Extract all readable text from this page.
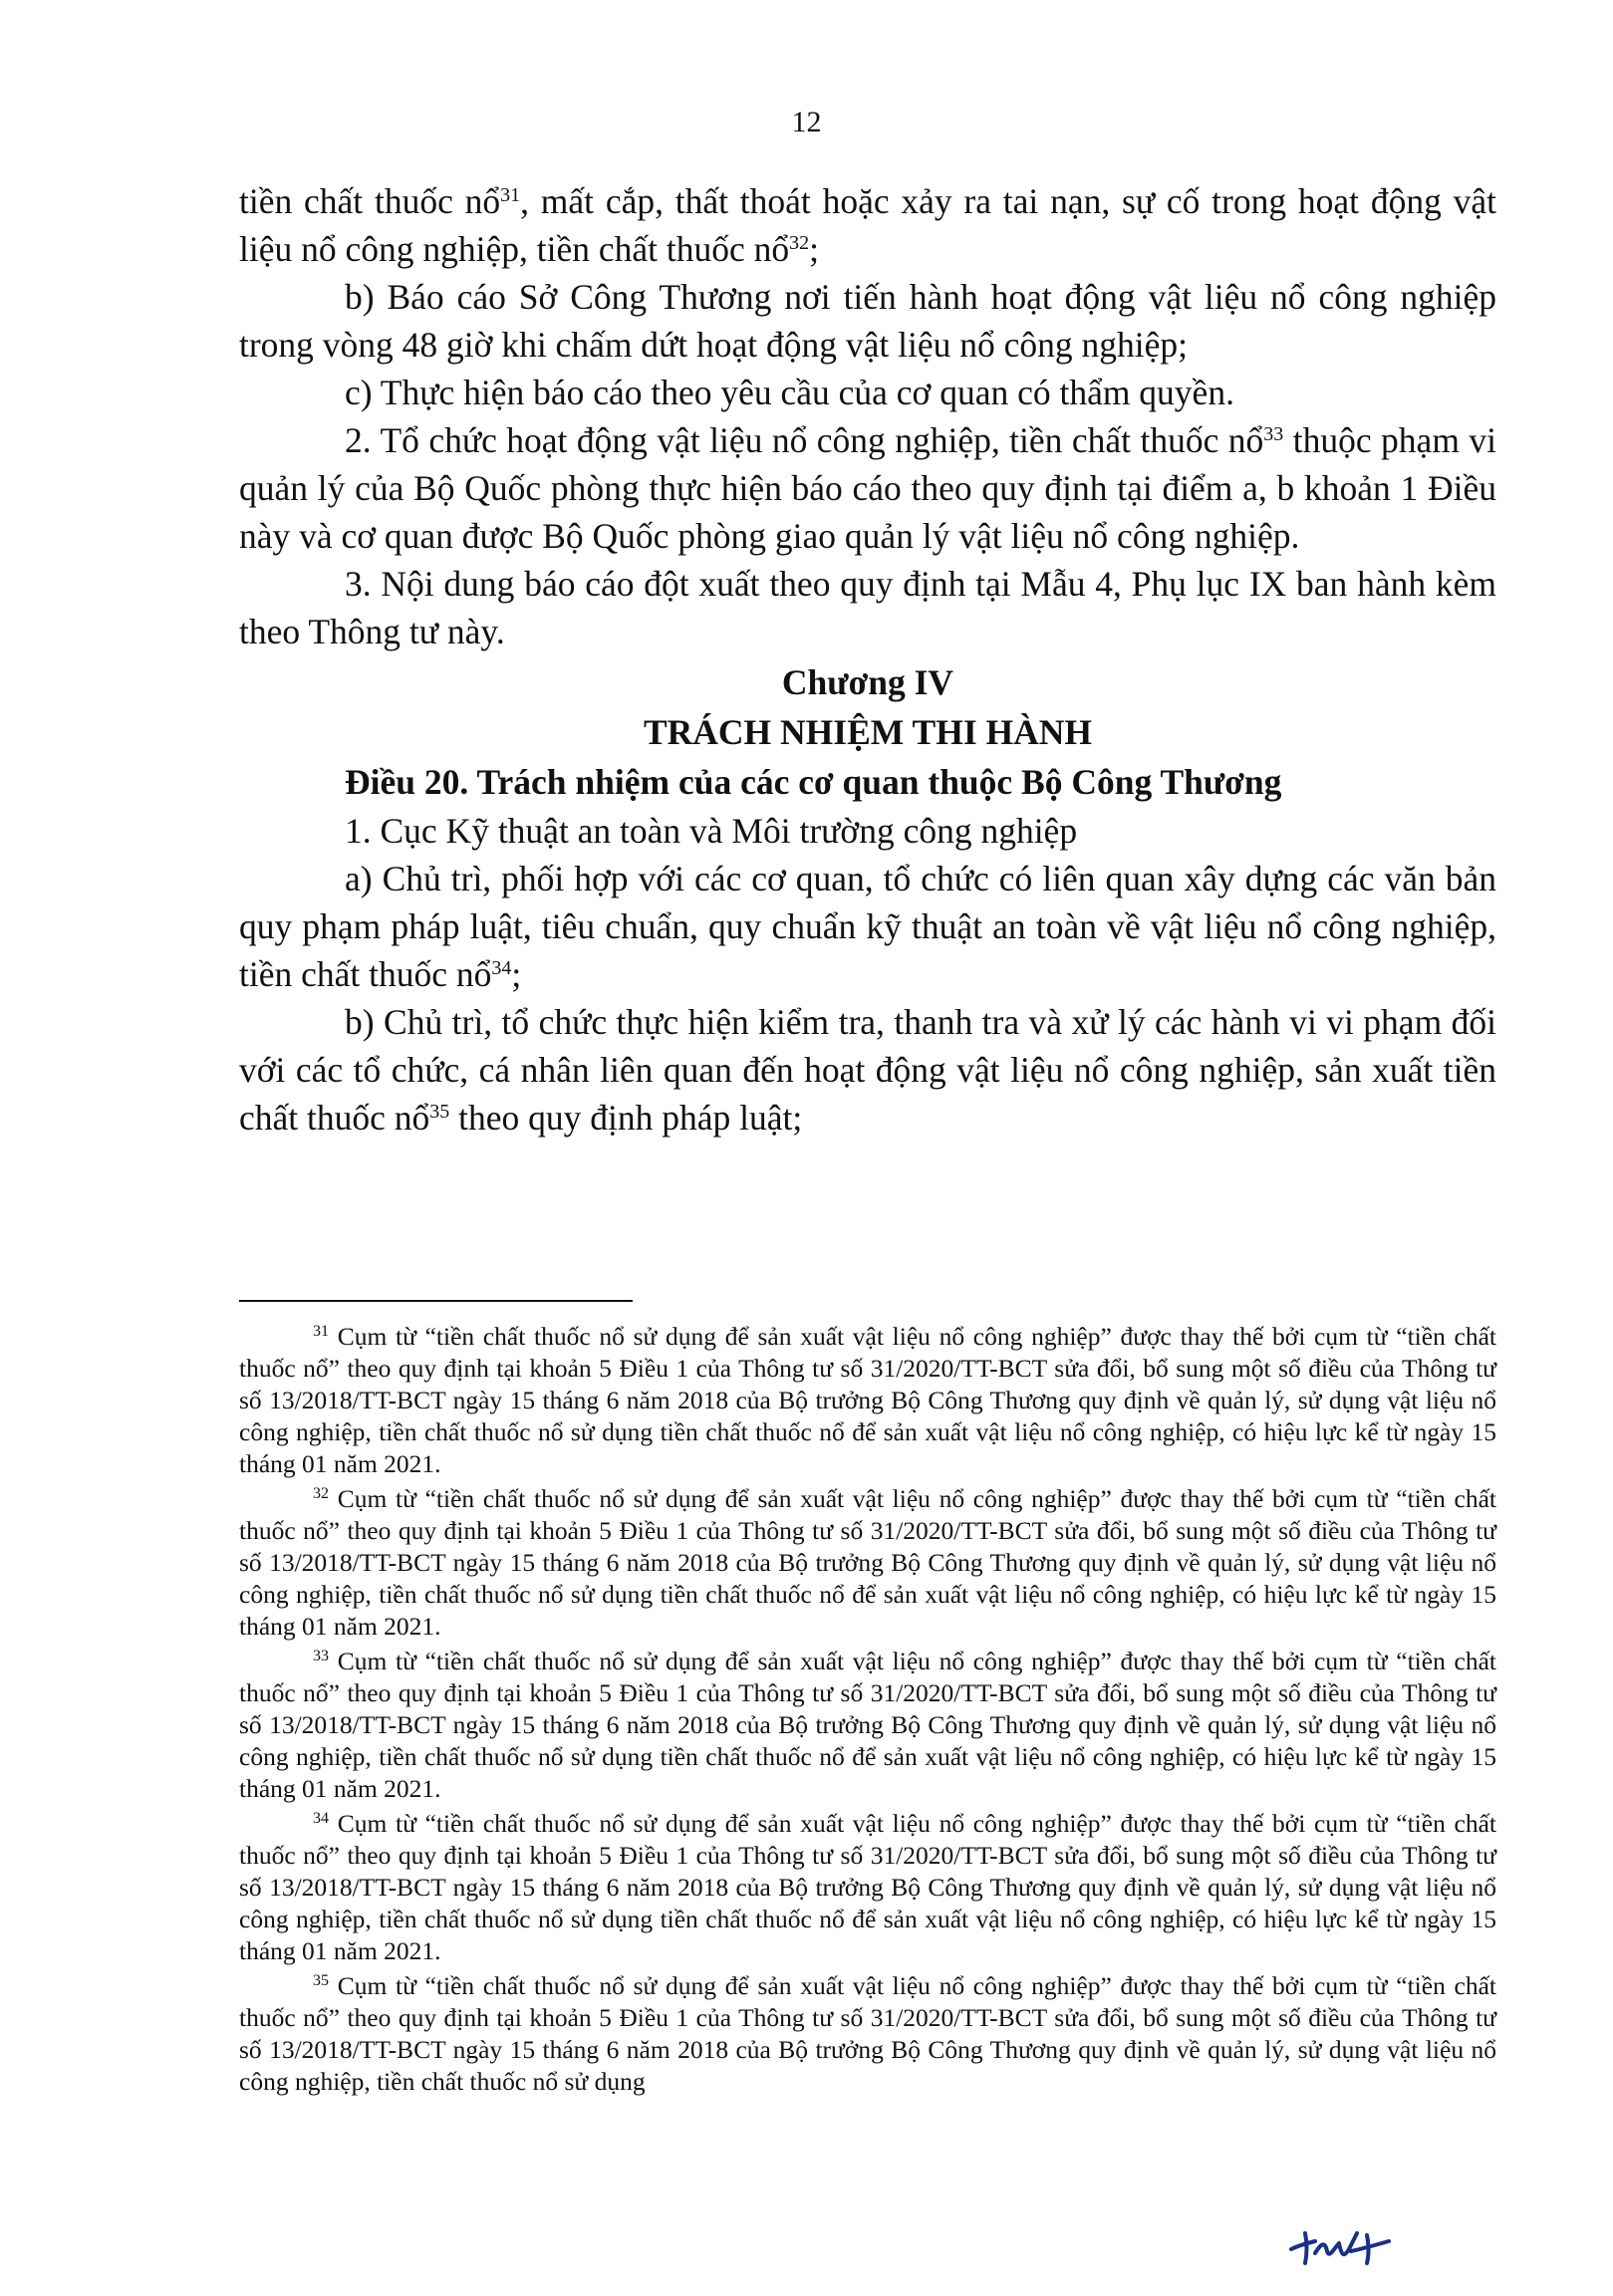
12

tiền chất thuốc nổ$^{31}$, mất cắp, thất thoát hoặc xảy ra tai nạn, sự cố trong hoạt động vật liệu nổ công nghiệp, tiền chất thuốc nổ$^{32}$;

b) Báo cáo Sở Công Thương nơi tiến hành hoạt động vật liệu nổ công nghiệp trong vòng 48 giờ khi chấm dứt hoạt động vật liệu nổ công nghiệp;

c) Thực hiện báo cáo theo yêu cầu của cơ quan có thẩm quyền.

2. Tổ chức hoạt động vật liệu nổ công nghiệp, tiền chất thuốc nổ$^{33}$ thuộc phạm vi quản lý của Bộ Quốc phòng thực hiện báo cáo theo quy định tại điểm a, b khoản 1 Điều này và cơ quan được Bộ Quốc phòng giao quản lý vật liệu nổ công nghiệp.

3. Nội dung báo cáo đột xuất theo quy định tại Mẫu 4, Phụ lục IX ban hành kèm theo Thông tư này.

Chương IV

TRÁCH NHIỆM THI HÀNH

Điều 20. Trách nhiệm của các cơ quan thuộc Bộ Công Thương

1. Cục Kỹ thuật an toàn và Môi trường công nghiệp

a) Chủ trì, phối hợp với các cơ quan, tổ chức có liên quan xây dựng các văn bản quy phạm pháp luật, tiêu chuẩn, quy chuẩn kỹ thuật an toàn về vật liệu nổ công nghiệp, tiền chất thuốc nổ$^{34}$;

b) Chủ trì, tổ chức thực hiện kiểm tra, thanh tra và xử lý các hành vi vi phạm đối với các tổ chức, cá nhân liên quan đến hoạt động vật liệu nổ công nghiệp, sản xuất tiền chất thuốc nổ$^{35}$ theo quy định pháp luật;

$^{31}$ Cụm từ “tiền chất thuốc nổ sử dụng để sản xuất vật liệu nổ công nghiệp” được thay thế bởi cụm từ “tiền chất thuốc nổ” theo quy định tại khoản 5 Điều 1 của Thông tư số 31/2020/TT-BCT sửa đổi, bổ sung một số điều của Thông tư số 13/2018/TT-BCT ngày 15 tháng 6 năm 2018 của Bộ trưởng Bộ Công Thương quy định về quản lý, sử dụng vật liệu nổ công nghiệp, tiền chất thuốc nổ sử dụng tiền chất thuốc nổ để sản xuất vật liệu nổ công nghiệp, có hiệu lực kể từ ngày 15 tháng 01 năm 2021.

$^{32}$ Cụm từ “tiền chất thuốc nổ sử dụng để sản xuất vật liệu nổ công nghiệp” được thay thế bởi cụm từ “tiền chất thuốc nổ” theo quy định tại khoản 5 Điều 1 của Thông tư số 31/2020/TT-BCT sửa đổi, bổ sung một số điều của Thông tư số 13/2018/TT-BCT ngày 15 tháng 6 năm 2018 của Bộ trưởng Bộ Công Thương quy định về quản lý, sử dụng vật liệu nổ công nghiệp, tiền chất thuốc nổ sử dụng tiền chất thuốc nổ để sản xuất vật liệu nổ công nghiệp, có hiệu lực kể từ ngày 15 tháng 01 năm 2021.

$^{33}$ Cụm từ “tiền chất thuốc nổ sử dụng để sản xuất vật liệu nổ công nghiệp” được thay thế bởi cụm từ “tiền chất thuốc nổ” theo quy định tại khoản 5 Điều 1 của Thông tư số 31/2020/TT-BCT sửa đổi, bổ sung một số điều của Thông tư số 13/2018/TT-BCT ngày 15 tháng 6 năm 2018 của Bộ trưởng Bộ Công Thương quy định về quản lý, sử dụng vật liệu nổ công nghiệp, tiền chất thuốc nổ sử dụng tiền chất thuốc nổ để sản xuất vật liệu nổ công nghiệp, có hiệu lực kể từ ngày 15 tháng 01 năm 2021.

$^{34}$ Cụm từ “tiền chất thuốc nổ sử dụng để sản xuất vật liệu nổ công nghiệp” được thay thế bởi cụm từ “tiền chất thuốc nổ” theo quy định tại khoản 5 Điều 1 của Thông tư số 31/2020/TT-BCT sửa đổi, bổ sung một số điều của Thông tư số 13/2018/TT-BCT ngày 15 tháng 6 năm 2018 của Bộ trưởng Bộ Công Thương quy định về quản lý, sử dụng vật liệu nổ công nghiệp, tiền chất thuốc nổ sử dụng tiền chất thuốc nổ để sản xuất vật liệu nổ công nghiệp, có hiệu lực kể từ ngày 15 tháng 01 năm 2021.

$^{35}$ Cụm từ “tiền chất thuốc nổ sử dụng để sản xuất vật liệu nổ công nghiệp” được thay thế bởi cụm từ “tiền chất thuốc nổ” theo quy định tại khoản 5 Điều 1 của Thông tư số 31/2020/TT-BCT sửa đổi, bổ sung một số điều của Thông tư số 13/2018/TT-BCT ngày 15 tháng 6 năm 2018 của Bộ trưởng Bộ Công Thương quy định về quản lý, sử dụng vật liệu nổ công nghiệp, tiền chất thuốc nổ sử dụng
